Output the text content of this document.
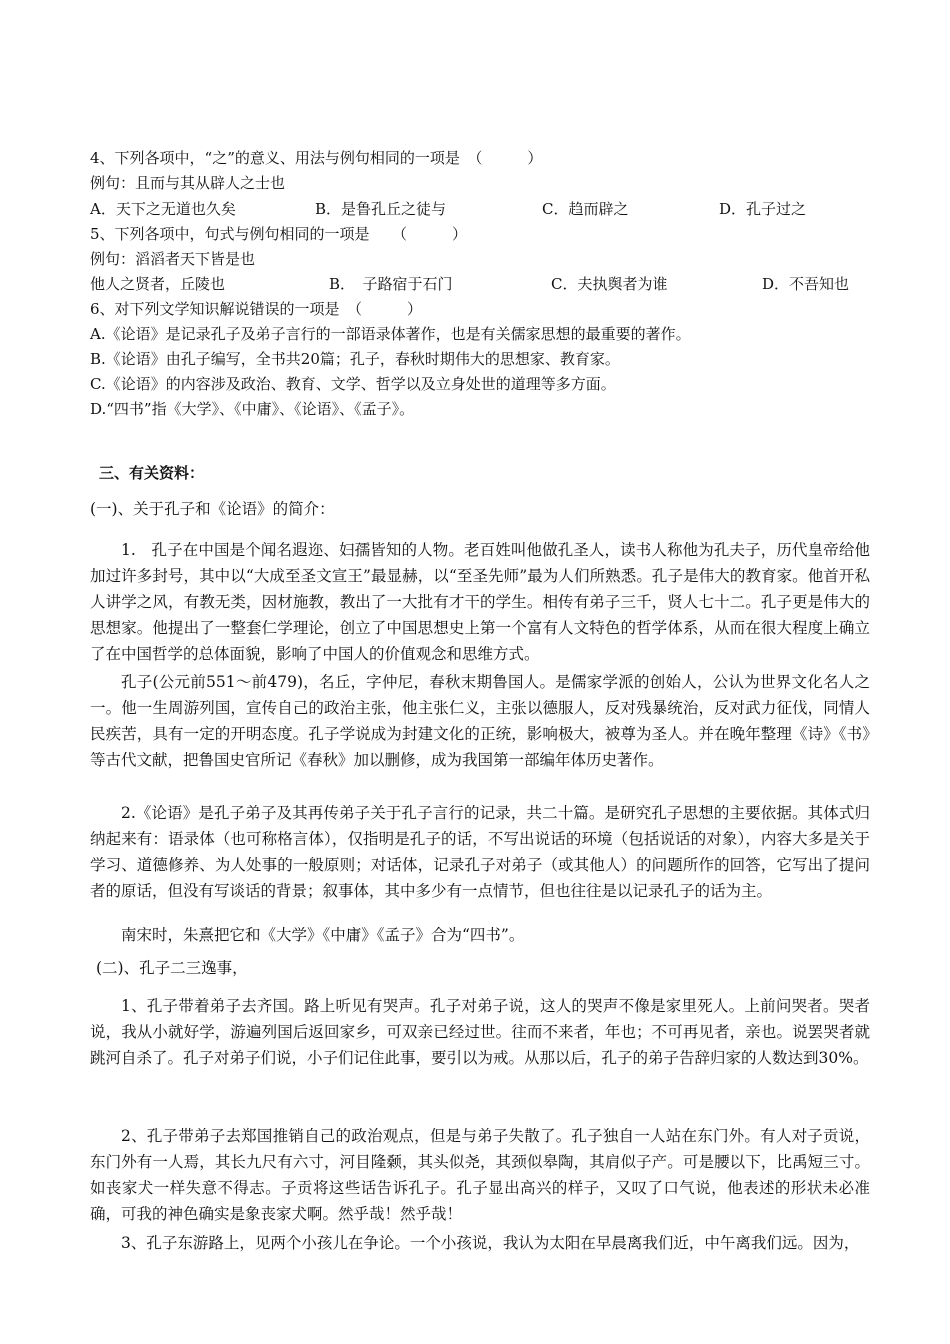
4、下列各项中，“之”的意义、用法与例句相同的一项是　（　　　）
例句：且而与其从辟人之士也
A．天下之无道也久矣	B．是鲁孔丘之徒与	C．趋而辟之	D．孔子过之
5、下列各项中，句式与例句相同的一项是　　（　　　）
例句：滔滔者天下皆是也
他人之贤者，丘陵也	B．　子路宿于石门	C．夫执舆者为谁	D．不吾知也
6、对下列文学知识解说错误的一项是　（　　　）
A.《论语》是记录孔子及弟子言行的一部语录体著作，也是有关儒家思想的最重要的著作。
B.《论语》由孔子编写，全书共20篇；孔子，春秋时期伟大的思想家、教育家。
C.《论语》的内容涉及政治、教育、文学、哲学以及立身处世的道理等多方面。
D.“四书”指《大学》、《中庸》、《论语》、《孟子》。
三、有关资料：
(一)、关于孔子和《论语》的简介：
1.　孔子在中国是个闻名遐迩、妇孺皆知的人物。老百姓叫他做孔圣人，读书人称他为孔夫子，历代皇帝给他加过许多封号，其中以“大成至圣文宣王”最显赫，以“至圣先师”最为人们所熟悉。孔子是伟大的教育家。他首开私人讲学之风，有教无类，因材施教，教出了一大批有才干的学生。相传有弟子三千，贤人七十二。孔子更是伟大的思想家。他提出了一整套仁学理论，创立了中国思想史上第一个富有人文特色的哲学体系，从而在很大程度上确立了在中国哲学的总体面貌，影响了中国人的价值观念和思维方式。
孔子(公元前551～前479)，名丘，字仲尼，春秋末期鲁国人。是儒家学派的创始人，公认为世界文化名人之一。他一生周游列国，宣传自己的政治主张，他主张仁义，主张以德服人，反对残暴统治，反对武力征伐，同情人民疾苦，具有一定的开明态度。孔子学说成为封建文化的正统，影响极大，被尊为圣人。并在晚年整理《诗》《书》等古代文献，把鲁国史官所记《春秋》加以删修，成为我国第一部编年体历史著作。
2.《论语》是孔子弟子及其再传弟子关于孔子言行的记录，共二十篇。是研究孔子思想的主要依据。其体式归纳起来有：语录体（也可称格言体），仅指明是孔子的话，不写出说话的环境（包括说话的对象），内容大多是关于学习、道德修养、为人处事的一般原则；对话体，记录孔子对弟子（或其他人）的问题所作的回答，它写出了提问者的原话，但没有写谈话的背景；叙事体，其中多少有一点情节，但也往往是以记录孔子的话为主。
南宋时，朱熹把它和《大学》《中庸》《孟子》合为“四书”。
(二)、孔子二三逸事，
1、孔子带着弟子去齐国。路上听见有哭声。孔子对弟子说，这人的哭声不像是家里死人。上前问哭者。哭者说，我从小就好学，游遍列国后返回家乡，可双亲已经过世。往而不来者，年也；不可再见者，亲也。说罢哭者就跳河自杀了。孔子对弟子们说，小子们记住此事，要引以为戒。从那以后，孔子的弟子告辞归家的人数达到30%。
2、孔子带弟子去郑国推销自己的政治观点，但是与弟子失散了。孔子独自一人站在东门外。有人对子贡说，东门外有一人焉，其长九尺有六寸，河目隆颡，其头似尧，其颈似皋陶，其肩似子产。可是腰以下，比禹短三寸。如丧家犬一样失意不得志。子贡将这些话告诉孔子。孔子显出高兴的样子，又叹了口气说，他表述的形状未必准确，可我的神色确实是象丧家犬啊。然乎哉！然乎哉！
3、孔子东游路上，见两个小孩儿在争论。一个小孩说，我认为太阳在早晨离我们近，中午离我们远。因为，
